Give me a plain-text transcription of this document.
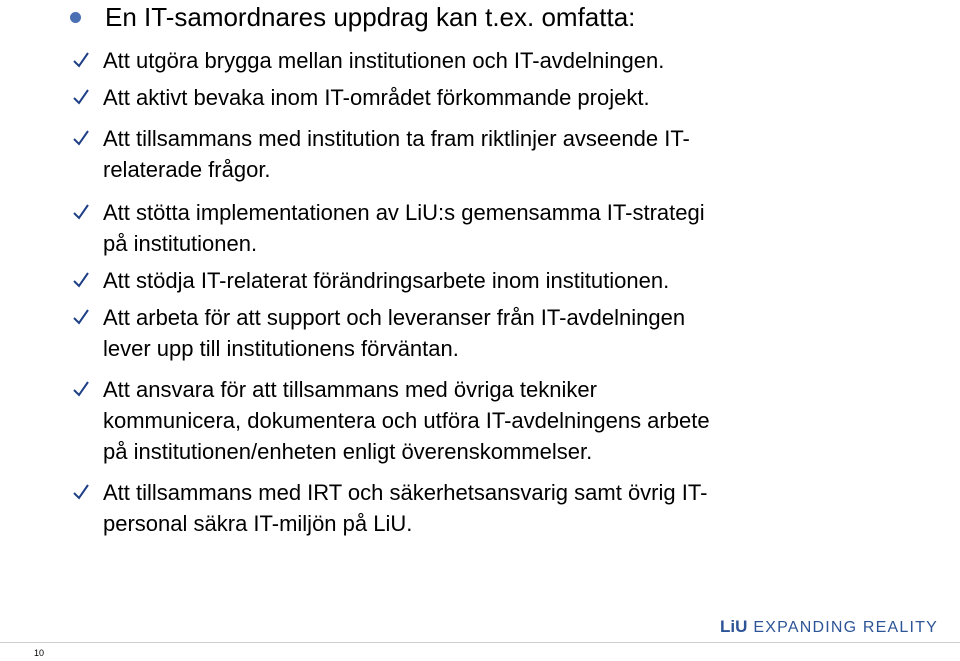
En IT-samordnares uppdrag kan t.ex. omfatta:
Att utgöra brygga mellan institutionen och IT-avdelningen.
Att aktivt bevaka inom IT-området förkommande projekt.
Att tillsammans med institution ta fram riktlinjer avseende IT-
relaterade frågor.
Att stötta implementationen av LiU:s gemensamma IT-strategi
på institutionen.
Att stödja IT-relaterat förändringsarbete inom institutionen.
Att arbeta för att support och leveranser från IT-avdelningen
lever upp till institutionens förväntan.
Att ansvara för att tillsammans med övriga tekniker
kommunicera, dokumentera och utföra IT-avdelningens arbete
på institutionen/enheten enligt överenskommelser.
Att tillsammans med IRT och säkerhetsansvarig samt övrig IT-
personal säkra IT-miljön på LiU.
LiU EXPANDING REALITY
10
